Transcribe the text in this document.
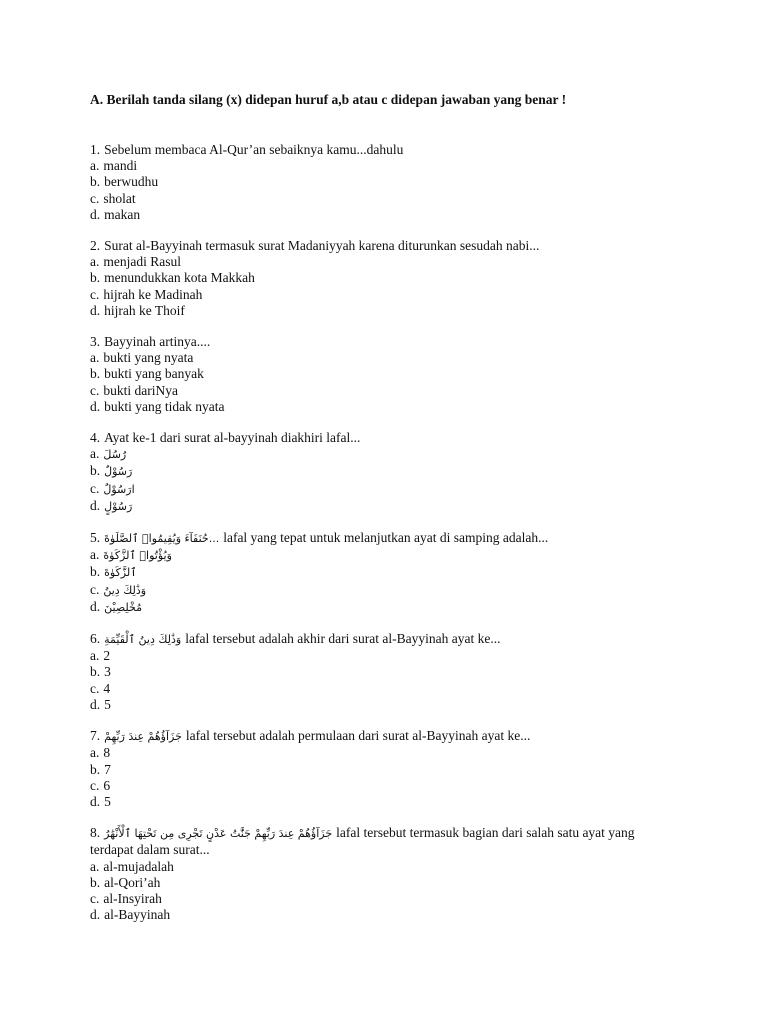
A. Berilah tanda silang (x) didepan huruf a,b atau c didepan jawaban yang benar !
1. Sebelum membaca Al-Qur’an sebaiknya kamu...dahulu
a. mandi
b. berwudhu
c. sholat
d. makan
2. Surat al-Bayyinah termasuk surat Madaniyyah karena diturunkan sesudah nabi...
a. menjadi Rasul
b. menundukkan kota Makkah
c. hijrah ke Madinah
d. hijrah ke Thoif
3. Bayyinah artinya....
a. bukti yang nyata
b. bukti yang banyak
c. bukti dariNya
d. bukti yang tidak nyata
4. Ayat ke-1 dari surat al-bayyinah diakhiri lafal...
a. رُسُلَ
b. رَسُوْلٌ
c. ارَسُوْلٌ
d. رَسُوْلٍ
5. ...حُنَفَآءَ وَيُقِيمُوا۟ ٱلصَّلَوٰةَ lafal yang tepat untuk melanjutkan ayat di samping adalah...
a. وَيُؤْتُوا۟ ٱلزَّكَوٰةَ
b. ٱلزَّكَوٰةَ
c. وَذَٰلِكَ دِينُ
d. مُخْلِصِيْنَ
6. وَذَٰلِكَ دِينُ ٱلْقَيِّمَةِ lafal tersebut adalah akhir dari surat al-Bayyinah ayat ke...
a. 2
b. 3
c. 4
d. 5
7. جَزَآؤُهُمْ عِندَ رَبِّهِمْ lafal tersebut adalah permulaan dari surat al-Bayyinah ayat ke...
a. 8
b. 7
c. 6
d. 5
8. جَزَآؤُهُمْ عِندَ رَبِّهِمْ جَنَّٰتُ عَدْنٍ تَجْرِى مِن تَحْتِهَا ٱلْأَنْهَٰرُ lafal tersebut termasuk bagian dari salah satu ayat yang terdapat dalam surat...
a. al-mujadalah
b. al-Qori’ah
c. al-Insyirah
d. al-Bayyinah
